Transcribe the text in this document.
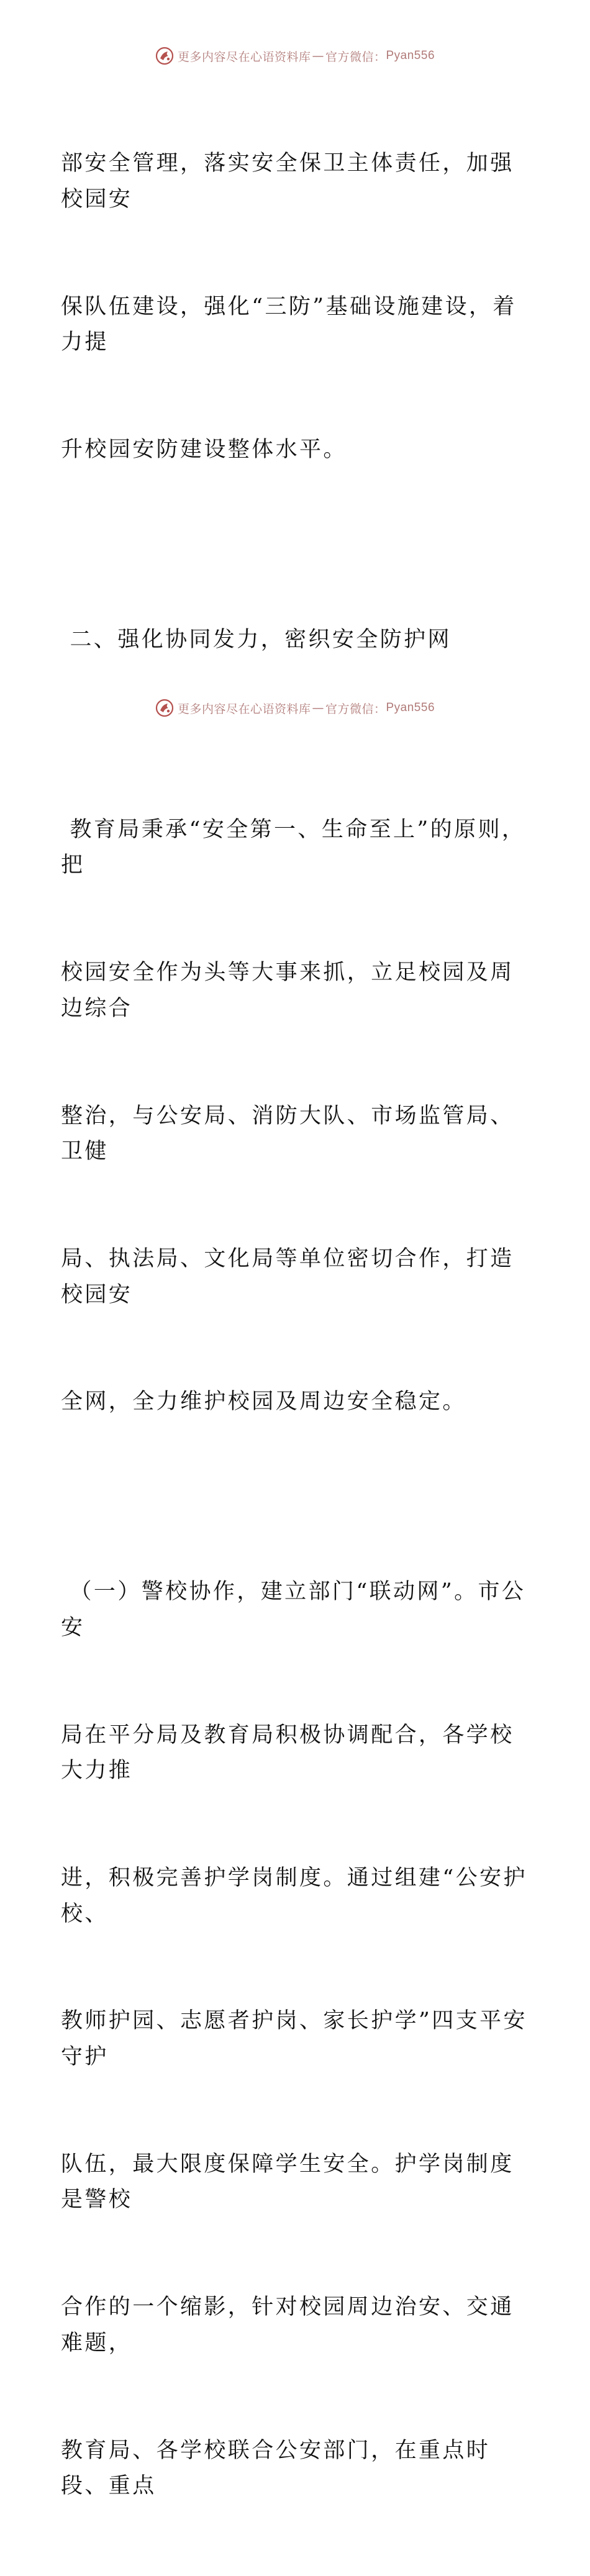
更多内容尽在心语资料库 — 官方微信： Pyan556

部安全管理，落实安全保卫主体责任，加强校园安

保队伍建设，强化“三防”基础设施建设，着力提

升校园安防建设整体水平。

二、强化协同发力，密织安全防护网

教育局秉承“安全第一、生命至上”的原则，把

校园安全作为头等大事来抓，立足校园及周边综合

整治，与公安局、消防大队、市场监管局、卫健

局、执法局、文化局等单位密切合作，打造校园安

全网，全力维护校园及周边安全稳定。

（一）警校协作，建立部门“联动网”。市公安

局在平分局及教育局积极协调配合，各学校大力推

进，积极完善护学岗制度。通过组建“公安护校、

教师护园、志愿者护岗、家长护学”四支平安守护

队伍，最大限度保障学生安全。护学岗制度是警校

合作的一个缩影，针对校园周边治安、交通难题，

教育局、各学校联合公安部门，在重点时段、重点

更多内容尽在心语资料库 — 官方微信： Pyan556
